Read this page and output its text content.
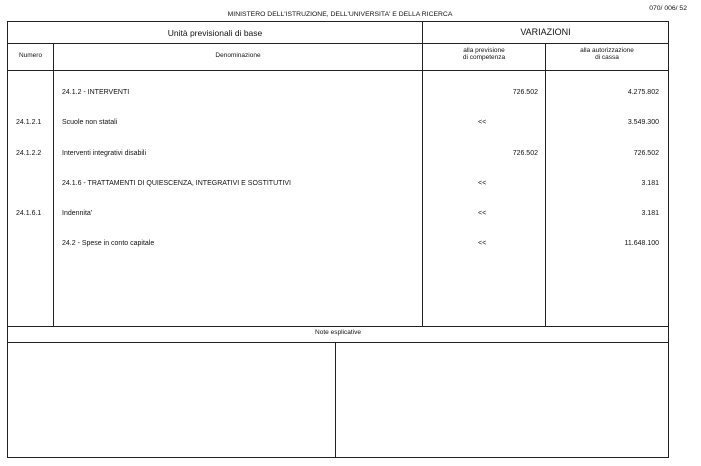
MINISTERO DELL'ISTRUZIONE, DELL'UNIVERSITA' E DELLA RICERCA
070/ 006/ 52
Unità previsionali di base	VARIAZIONI
Numero	Denominazione
alla previsione
di competenza
alla autorizzazione
di cassa
24.1.2 - INTERVENTI	726.502	4.275.802
24.1.2.1	Scuole non statali	<<	3.549.300
24.1.2.2	Interventi integrativi disabili	726.502	726.502
24.1.6 - TRATTAMENTI DI QUIESCENZA, INTEGRATIVI E SOSTITUTIVI	<<	3.181
24.1.6.1	Indennita'	<<	3.181
24.2 - Spese in conto capitale	<<	11.648.100
Note esplicative
